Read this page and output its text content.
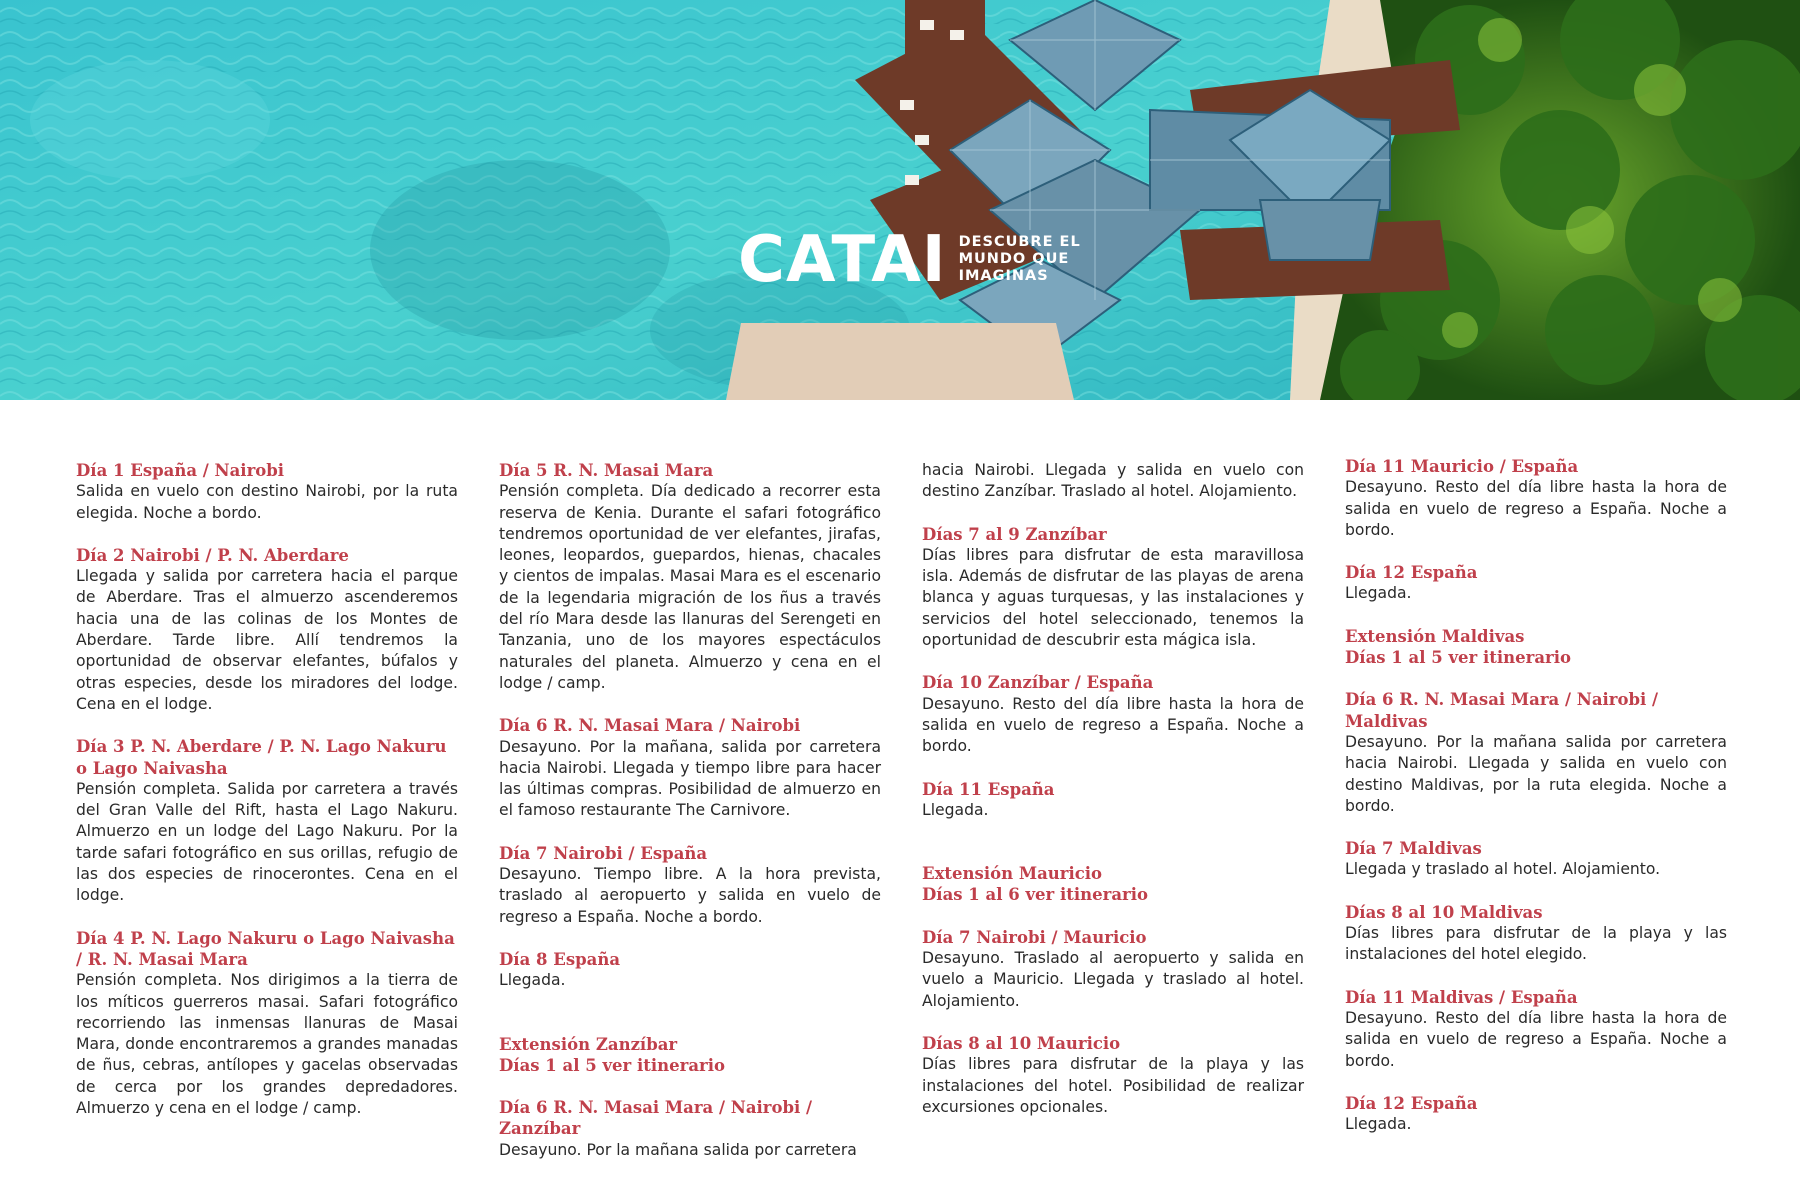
CATAI DESCUBRE EL
MUNDO QUE
IMAGINAS
Día 1 España / Nairobi
Salida en vuelo con destino Nairobi, por la ruta elegida. Noche a bordo.
Día 2 Nairobi / P. N. Aberdare
Llegada y salida por carretera hacia el parque de Aberdare. Tras el almuerzo ascenderemos hacia una de las colinas de los Montes de Aberdare. Tarde libre. Allí tendremos la oportunidad de observar elefantes, búfalos y otras especies, desde los miradores del lodge. Cena en el lodge.
Día 3 P. N. Aberdare / P. N. Lago Nakuru o Lago Naivasha
Pensión completa. Salida por carretera a través del Gran Valle del Rift, hasta el Lago Nakuru. Almuerzo en un lodge del Lago Nakuru. Por la tarde safari fotográfico en sus orillas, refugio de las dos especies de rinocerontes. Cena en el lodge.
Día 4 P. N. Lago Nakuru o Lago Naivasha / R. N. Masai Mara
Pensión completa. Nos dirigimos a la tierra de los míticos guerreros masai. Safari fotográfico recorriendo las inmensas llanuras de Masai Mara, donde encontraremos a grandes manadas de ñus, cebras, antílopes y gacelas observadas de cerca por los grandes depredadores. Almuerzo y cena en el lodge / camp.
Día 5 R. N. Masai Mara
Pensión completa. Día dedicado a recorrer esta reserva de Kenia. Durante el safari fotográfico tendremos oportunidad de ver elefantes, jirafas, leones, leopardos, guepardos, hienas, chacales y cientos de impalas. Masai Mara es el escenario de la legendaria migración de los ñus a través del río Mara desde las llanuras del Serengeti en Tanzania, uno de los mayores espectáculos naturales del planeta. Almuerzo y cena en el lodge / camp.
Día 6 R. N. Masai Mara / Nairobi
Desayuno. Por la mañana, salida por carretera hacia Nairobi. Llegada y tiempo libre para hacer las últimas compras. Posibilidad de almuerzo en el famoso restaurante The Carnivore.
Día 7 Nairobi / España
Desayuno. Tiempo libre. A la hora prevista, traslado al aeropuerto y salida en vuelo de regreso a España. Noche a bordo.
Día 8 España
Llegada.
Extensión Zanzíbar
Días 1 al 5 ver itinerario
Día 6 R. N. Masai Mara / Nairobi / Zanzíbar
Desayuno. Por la mañana salida por carretera
hacia Nairobi. Llegada y salida en vuelo con destino Zanzíbar. Traslado al hotel. Alojamiento.
Días 7 al 9 Zanzíbar
Días libres para disfrutar de esta maravillosa isla. Además de disfrutar de las playas de arena blanca y aguas turquesas, y las instalaciones y servicios del hotel seleccionado, tenemos la oportunidad de descubrir esta mágica isla.
Día 10 Zanzíbar / España
Desayuno. Resto del día libre hasta la hora de salida en vuelo de regreso a España. Noche a bordo.
Día 11 España
Llegada.
Extensión Mauricio
Días 1 al 6 ver itinerario
Día 7 Nairobi / Mauricio
Desayuno. Traslado al aeropuerto y salida en vuelo a Mauricio. Llegada y traslado al hotel. Alojamiento.
Días 8 al 10 Mauricio
Días libres para disfrutar de la playa y las instalaciones del hotel. Posibilidad de realizar excursiones opcionales.
Día 11 Mauricio / España
Desayuno. Resto del día libre hasta la hora de salida en vuelo de regreso a España. Noche a bordo.
Día 12 España
Llegada.
Extensión Maldivas
Días 1 al 5 ver itinerario
Día 6 R. N. Masai Mara / Nairobi / Maldivas
Desayuno. Por la mañana salida por carretera hacia Nairobi. Llegada y salida en vuelo con destino Maldivas, por la ruta elegida. Noche a bordo.
Día 7 Maldivas
Llegada y traslado al hotel. Alojamiento.
Días 8 al 10 Maldivas
Días libres para disfrutar de la playa y las instalaciones del hotel elegido.
Día 11 Maldivas / España
Desayuno. Resto del día libre hasta la hora de salida en vuelo de regreso a España. Noche a bordo.
Día 12 España
Llegada.
